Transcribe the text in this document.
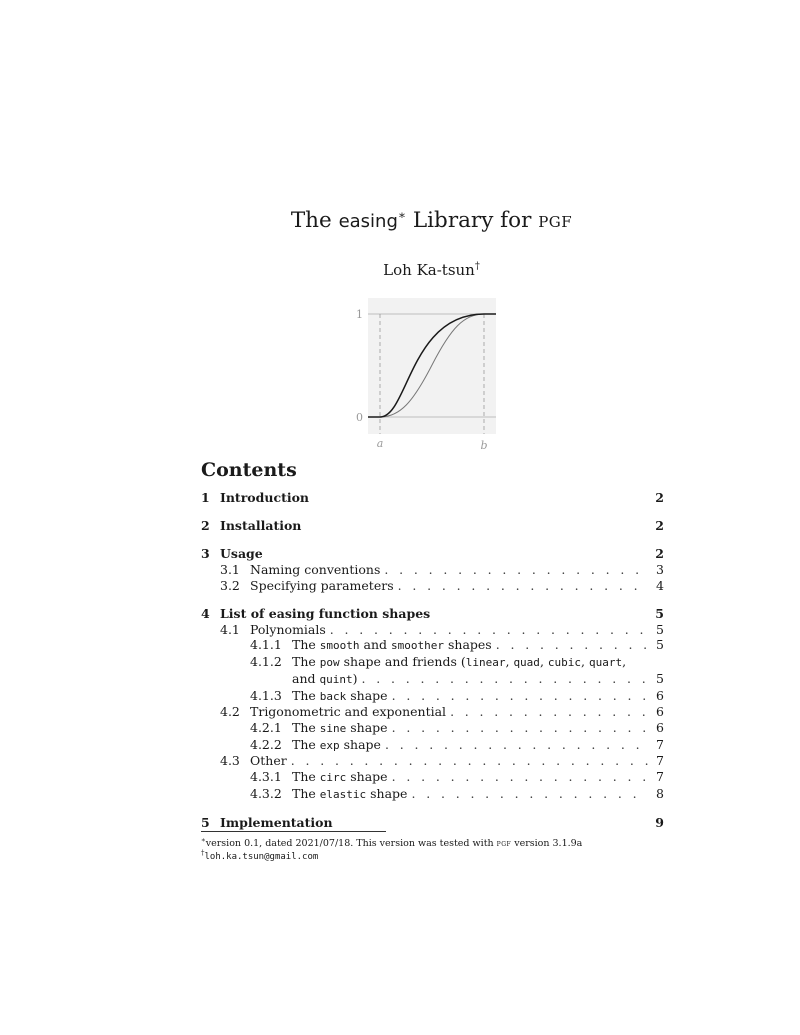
The easing∗ Library for pgf
Loh Ka-tsun†
1
0
a	b
Contents
1 Introduction	2
2 Installation	2
3 Usage	2
3.1 Naming conventions . . .	3
3.2 Specifying parameters . . .	4
4 List of easing function shapes	5
4.1 Polynomials . . .	5
4.1.1 The smooth and smoother shapes . . .	5
4.1.2 The pow shape and friends (linear, quad, cubic, quart,
and quint) . . .	5
4.1.3 The back shape . . .	6
4.2 Trigonometric and exponential . . .	6
4.2.1 The sine shape . . .	6
4.2.2 The exp shape . . .	7
4.3 Other . . .	7
4.3.1 The circ shape . . .	7
4.3.2 The elastic shape . . .	8
5 Implementation	9
∗version 0.1, dated 2021/07/18. This version was tested with pgf version 3.1.9a
†loh.ka.tsun@gmail.com
